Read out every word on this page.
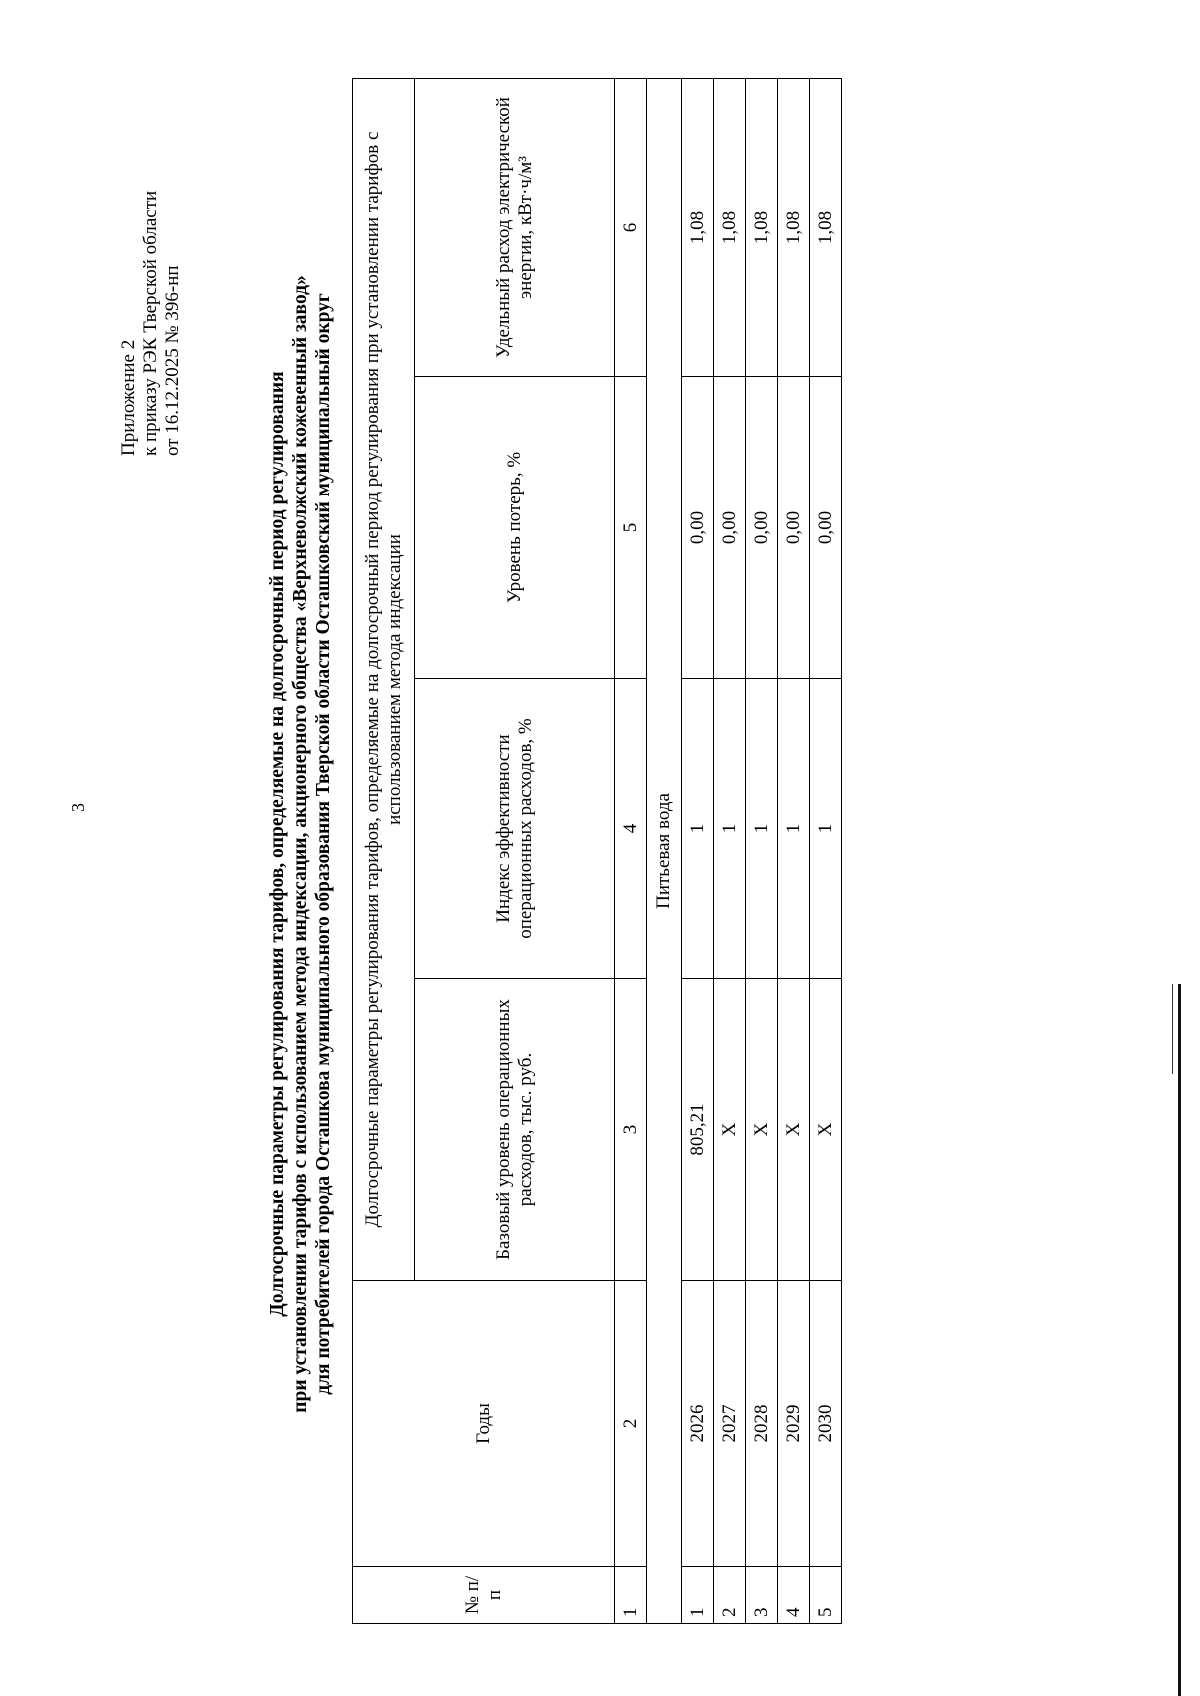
3
Приложение 2 к приказу РЭК Тверской области от 16.12.2025 № 396-нп
Долгосрочные параметры регулирования тарифов, определяемые на долгосрочный период регулирования при установлении тарифов с использованием метода индексации, акционерного общества «Верхневолжский кожевенный завод» для потребителей города Осташкова муниципального образования Тверской области Осташковский муниципальный округ
№ п/п	Годы	Долгосрочные параметры регулирования тарифов, определяемые на долгосрочный период регулирования при установлении тарифов с использованием метода индексации			
		Базовый уровень операционных расходов, тыс. руб.	Индекс эффективности операционных расходов, %	Уровень потерь, %	Удельный расход электрической энергии, кВт·ч/м³
1	2	3	4	5	6
Питьевая вода					
1	2026	805,21	1	0,00	1,08
2	2027	Х	1	0,00	1,08
3	2028	Х	1	0,00	1,08
4	2029	Х	1	0,00	1,08
5	2030	Х	1	0,00	1,08
